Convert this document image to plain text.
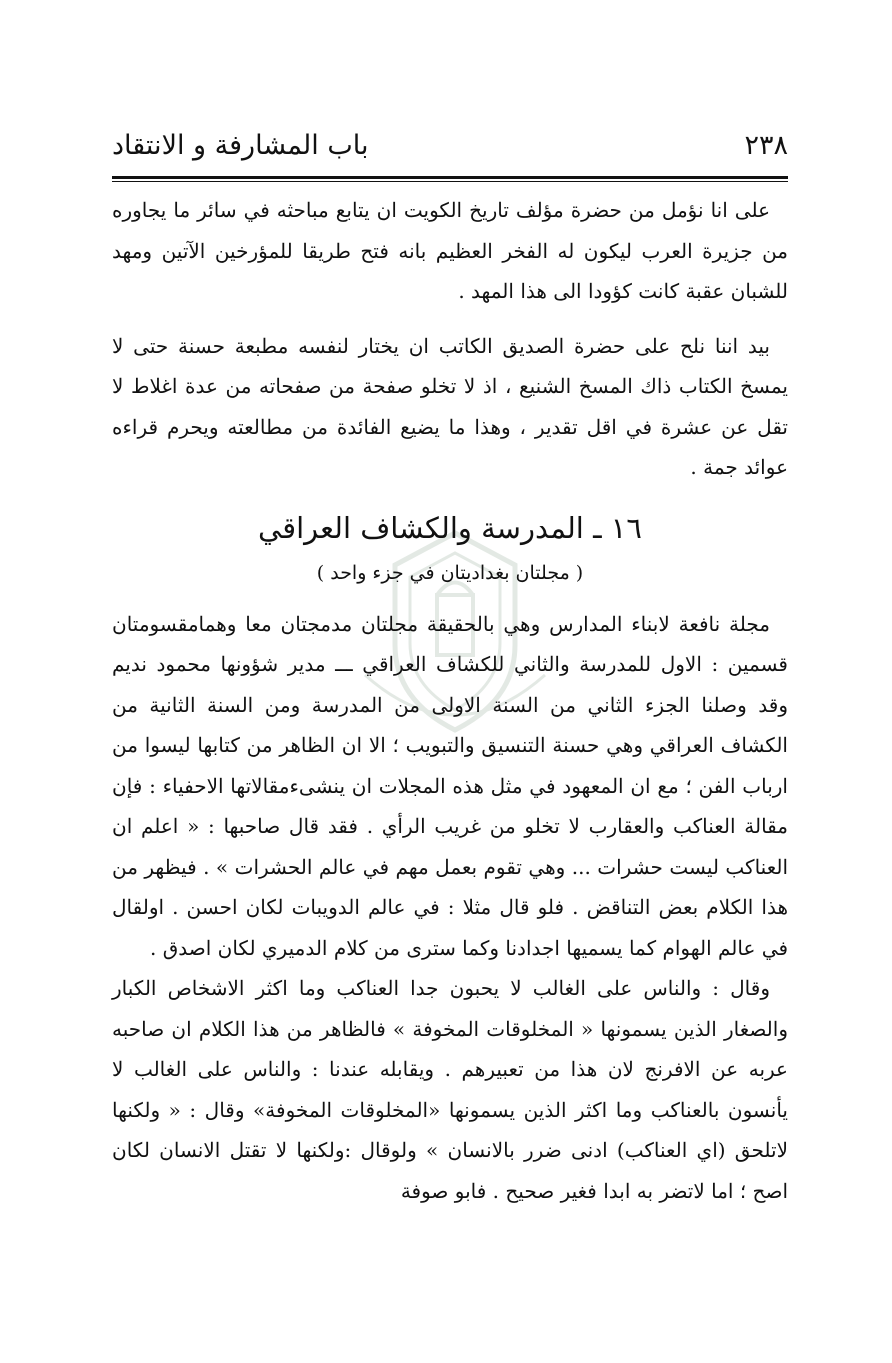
٢٣٨
باب المشارفة و الانتقاد

على انا نؤمل من حضرة مؤلف تاريخ الكويت ان يتابع مباحثه في سائر ما يجاوره من جزيرة العرب ليكون له الفخر العظيم بانه فتح طريقا للمؤرخين الآتين ومهد للشبان عقبة كانت كؤودا الى هذا المهد .

بيد اننا نلح على حضرة الصديق الكاتب ان يختار لنفسه مطبعة حسنة حتى لا يمسخ الكتاب ذاك المسخ الشنيع ، اذ لا تخلو صفحة من صفحاته من عدة اغلاط لا تقل عن عشرة في اقل تقدير ، وهذا ما يضيع الفائدة من مطالعته ويحرم قراءه عوائد جمة .

١٦ ـ المدرسة والكشاف العراقي
( مجلتان بغداديتان في جزء واحد )

مجلة نافعة لابناء المدارس وهي بالحقيقة مجلتان مدمجتان معا وهمامقسومتان قسمين : الاول للمدرسة والثاني للكشاف العراقي ـــ مدير شؤونها محمود نديم وقد وصلنا الجزء الثاني من السنة الاولى من المدرسة ومن السنة الثانية من الكشاف العراقي وهي حسنة التنسيق والتبويب ؛ الا ان الظاهر من كتابها ليسوا من ارباب الفن ؛ مع ان المعهود في مثل هذه المجلات ان ينشىءمقالاتها الاحفياء : فإن مقالة العناكب والعقارب لا تخلو من غريب الرأي . فقد قال صاحبها : « اعلم ان العناكب ليست حشرات ... وهي تقوم بعمل مهم في عالم الحشرات » . فيظهر من هذا الكلام بعض التناقض . فلو قال مثلا : في عالم الدويبات لكان احسن . اولقال في عالم الهوام كما يسميها اجدادنا وكما سترى من كلام الدميري لكان اصدق .

وقال : والناس على الغالب لا يحبون جدا العناكب وما اكثر الاشخاص الكبار والصغار الذين يسمونها « المخلوقات المخوفة » فالظاهر من هذا الكلام ان صاحبه عربه عن الافرنج لان هذا من تعبيرهم . ويقابله عندنا : والناس على الغالب لا يأنسون بالعناكب وما اكثر الذين يسمونها «المخلوقات المخوفة» وقال : « ولكنها لاتلحق (اي العناكب) ادنى ضرر بالانسان » ولوقال :ولكنها لا تقتل الانسان لكان اصح ؛ اما لاتضر به ابدا فغير صحيح . فابو صوفة
